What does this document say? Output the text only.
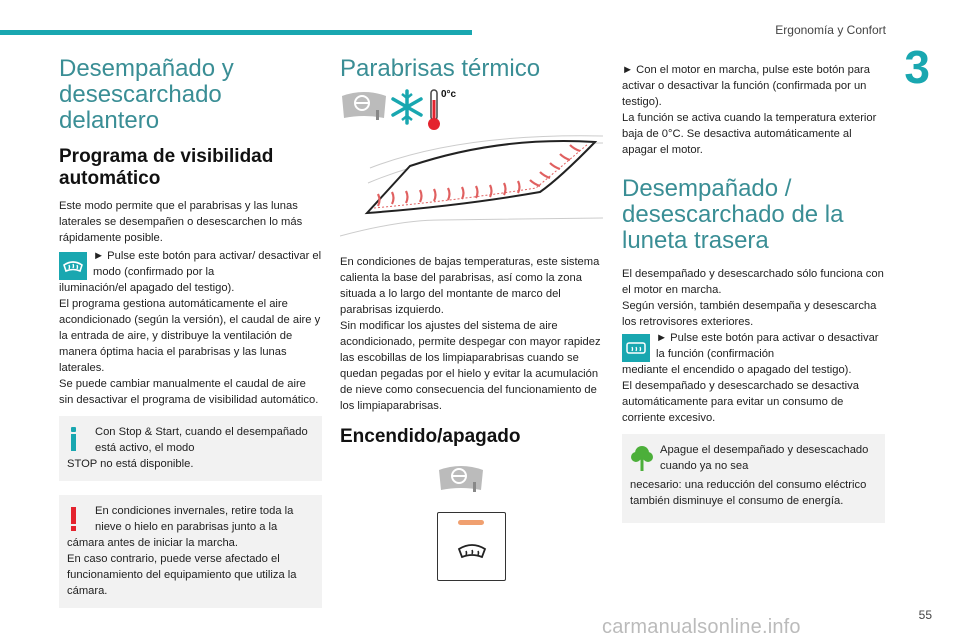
Ergonomía y Confort
3
Desempañado y desescarchado delantero
Programa de visibilidad automático

Este modo permite que el parabrisas y las lunas laterales se desempañen o desescarchen lo más rápidamente posible.

► Pulse este botón para activar/ desactivar el modo (confirmado por la

iluminación/el apagado del testigo).

El programa gestiona automáticamente el aire acondicionado (según la versión), el caudal de aire y la entrada de aire, y distribuye la ventilación de manera óptima hacia el parabrisas y las lunas laterales.

Se puede cambiar manualmente el caudal de aire sin desactivar el programa de visibilidad automático.

Con Stop & Start, cuando el desempañado está activo, el modo

STOP no está disponible.

En condiciones invernales, retire toda la nieve o hielo en parabrisas junto a la

cámara antes de iniciar la marcha.

En caso contrario, puede verse afectado el funcionamiento del equipamiento que utiliza la cámara.

Parabrisas térmico
0°c

En condiciones de bajas temperaturas, este sistema calienta la base del parabrisas, así como la zona situada a lo largo del montante de marco del parabrisas izquierdo.

Sin modificar los ajustes del sistema de aire acondicionado, permite despegar con mayor rapidez las escobillas de los limpiaparabrisas cuando se quedan pegadas por el hielo y evitar la acumulación de nieve como consecuencia del funcionamiento de los limpiaparabrisas.

Encendido/apagado

► Con el motor en marcha, pulse este botón para activar o desactivar la función (confirmada por un testigo).

La función se activa cuando la temperatura exterior baja de 0°C. Se desactiva automáticamente al apagar el motor.

Desempañado / desescarchado de la luneta trasera

El desempañado y desescarchado sólo funciona con el motor en marcha.

Según versión, también desempaña y desescarcha los retrovisores exteriores.

► Pulse este botón para activar o desactivar la función (confirmación

mediante el encendido o apagado del testigo).

El desempañado y desescarchado se desactiva automáticamente para evitar un consumo de corriente excesivo.

Apague el desempañado y desescachado cuando ya no sea

necesario: una reducción del consumo eléctrico también disminuye el consumo de energía.

55
carmanualsonline.info
